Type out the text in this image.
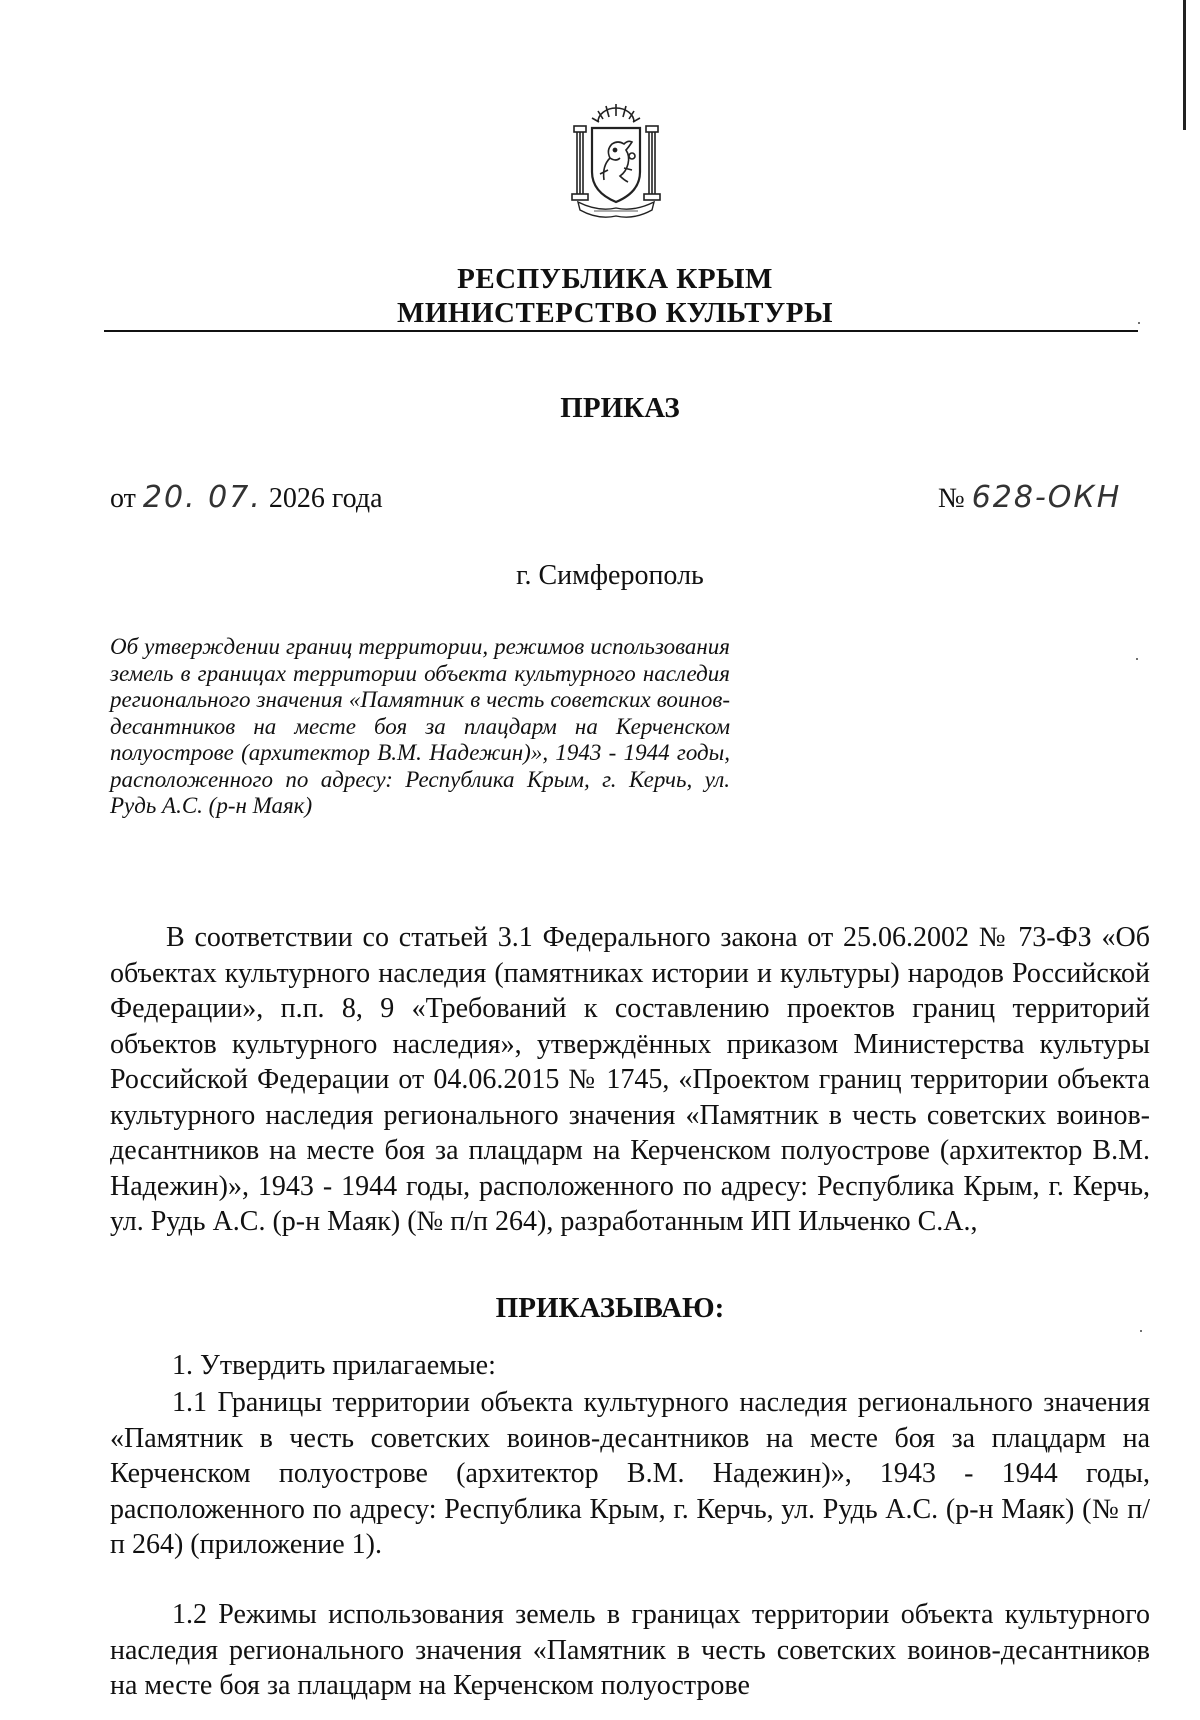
РЕСПУБЛИКА КРЫМ
МИНИСТЕРСТВО КУЛЬТУРЫ
ПРИКАЗ
от 20. 07. 2026 года	№ 628-ОКН
г. Симферополь
Об утверждении границ территории, режимов использования земель в границах территории объекта культурного наследия регионального значения «Памятник в честь советских воинов-десантников на месте боя за плацдарм на Керченском полуострове (архитектор В.М. Надежин)», 1943 - 1944 годы, расположенного по адресу: Республика Крым, г. Керчь, ул. Рудь А.С. (р-н Маяк)
В соответствии со статьей 3.1 Федерального закона от 25.06.2002 № 73-ФЗ «Об объектах культурного наследия (памятниках истории и культуры) народов Российской Федерации», п.п. 8, 9 «Требований к составлению проектов границ территорий объектов культурного наследия», утверждённых приказом Министерства культуры Российской Федерации от 04.06.2015 № 1745, «Проектом границ территории объекта культурного наследия регионального значения «Памятник в честь советских воинов-десантников на месте боя за плацдарм на Керченском полуострове (архитектор В.М. Надежин)», 1943 - 1944 годы, расположенного по адресу: Республика Крым, г. Керчь, ул. Рудь А.С. (р-н Маяк) (№ п/п 264), разработанным ИП Ильченко С.А.,
ПРИКАЗЫВАЮ:
1. Утвердить прилагаемые:
1.1 Границы территории объекта культурного наследия регионального значения «Памятник в честь советских воинов-десантников на месте боя за плацдарм на Керченском полуострове (архитектор В.М. Надежин)», 1943 - 1944 годы, расположенного по адресу: Республика Крым, г. Керчь, ул. Рудь А.С. (р-н Маяк) (№ п/п 264) (приложение 1).
1.2 Режимы использования земель в границах территории объекта культурного наследия регионального значения «Памятник в честь советских воинов-десантников на месте боя за плацдарм на Керченском полуострове
